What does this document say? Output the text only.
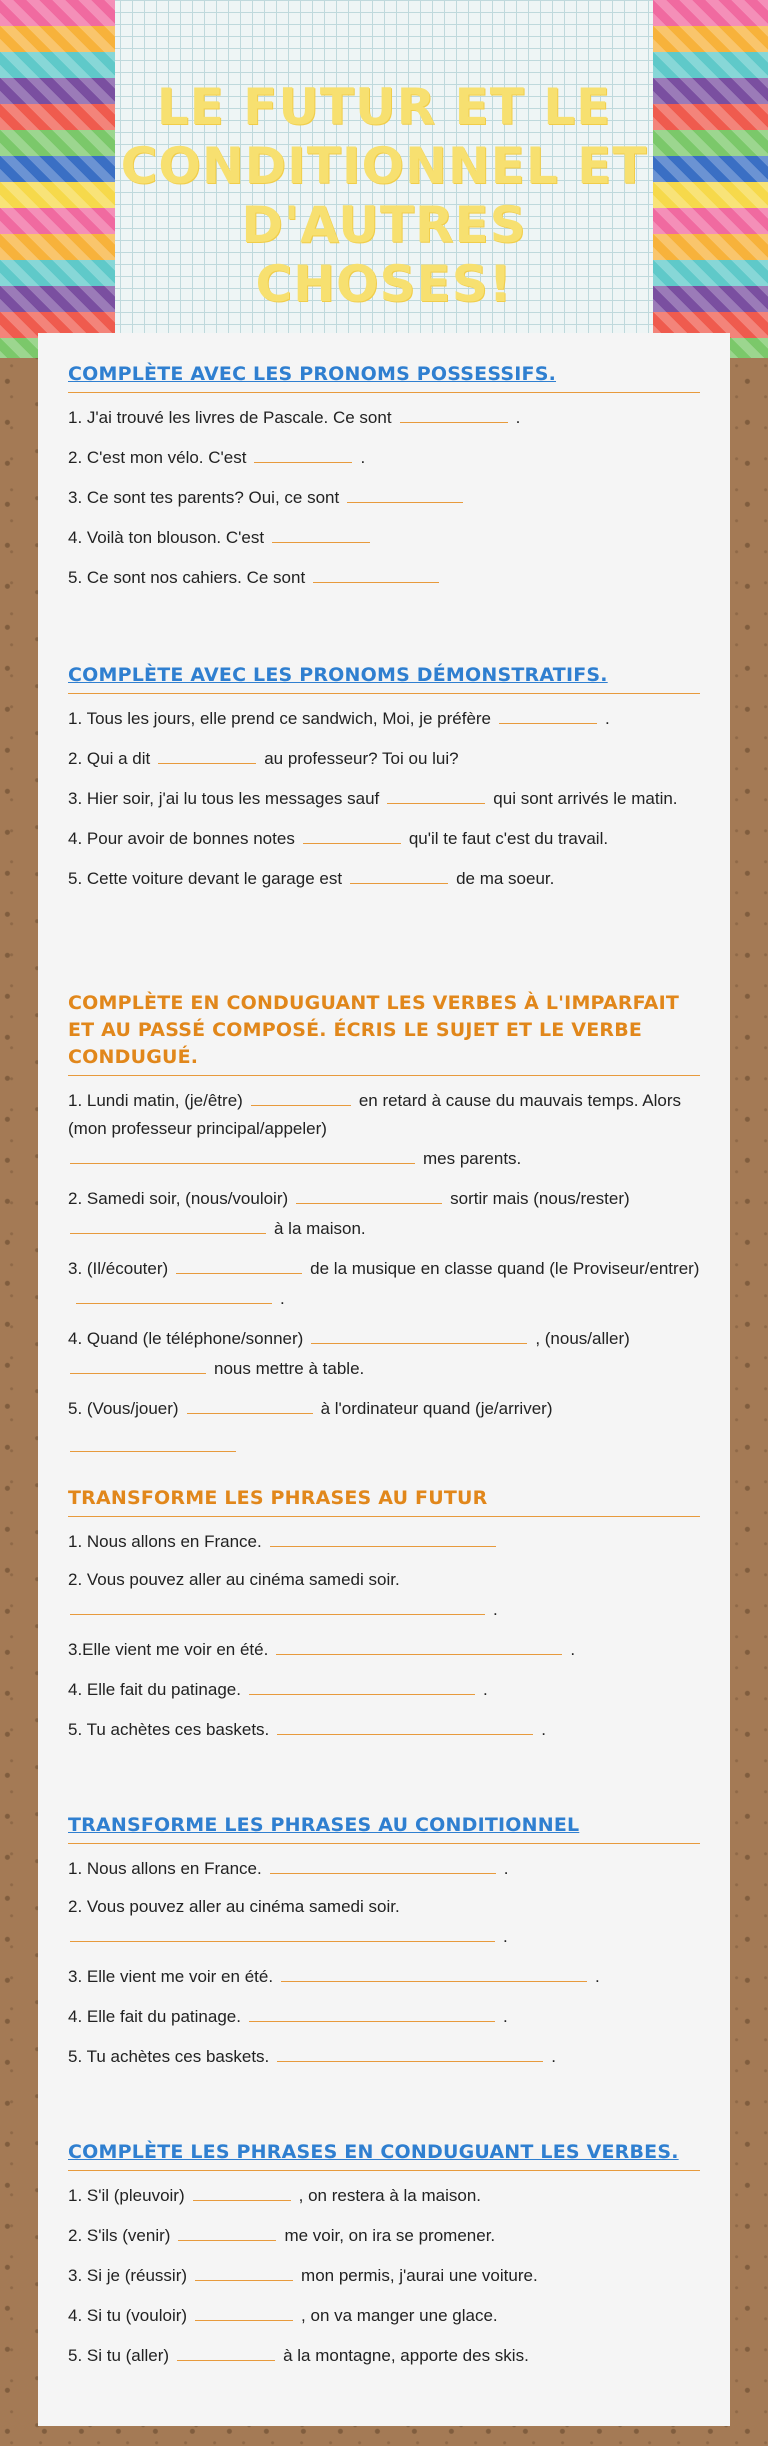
LE FUTUR ET LE
CONDITIONNEL ET
D'AUTRES CHOSES!
COMPLÈTE AVEC LES PRONOMS POSSESSIFS.
1. J'ai trouvé les livres de Pascale. Ce sont	.
2. C'est mon vélo. C'est	.
3. Ce sont tes parents? Oui, ce sont
4. Voilà ton blouson. C'est
5. Ce sont nos cahiers. Ce sont
COMPLÈTE AVEC LES PRONOMS DÉMONSTRATIFS.
1. Tous les jours, elle prend ce sandwich, Moi, je préfère	.
2. Qui a dit	au professeur? Toi ou lui?
3. Hier soir, j'ai lu tous les messages sauf	qui sont arrivés le matin.
4. Pour avoir de bonnes notes	qu'il te faut c'est du travail.
5. Cette voiture devant le garage est	de ma soeur.
COMPLÈTE EN CONDUGUANT LES VERBES À L'IMPARFAIT ET AU PASSÉ COMPOSÉ. ÉCRIS LE SUJET ET LE VERBE CONDUGUÉ.
1. Lundi matin, (je/être)	en retard à cause du mauvais temps. Alors (mon professeur principal/appeler)
mes parents.
2. Samedi soir, (nous/vouloir)	sortir mais (nous/rester)
à la maison.
3. (Il/écouter)	de la musique en classe quand (le Proviseur/entrer).
4. Quand (le téléphone/sonner)	, (nous/aller)
nous mettre à table.
5. (Vous/jouer)	à l'ordinateur quand (je/arriver)
TRANSFORME LES PHRASES AU FUTUR
1. Nous allons en France.
2. Vous pouvez aller au cinéma samedi soir.
.
3.Elle vient me voir en été.	.
4. Elle fait du patinage.	.
5. Tu achètes ces baskets.	.
TRANSFORME LES PHRASES AU CONDITIONNEL
1. Nous allons en France.	.
2. Vous pouvez aller au cinéma samedi soir.
.
3. Elle vient me voir en été.	.
4. Elle fait du patinage.	.
5. Tu achètes ces baskets.	.
COMPLÈTE LES PHRASES EN CONDUGUANT LES VERBES.
1. S'il (pleuvoir)	, on restera à la maison.
2. S'ils (venir)	me voir, on ira se promener.
3. Si je (réussir)	mon permis, j'aurai une voiture.
4. Si tu (vouloir)	, on va manger une glace.
5. Si tu (aller)	à la montagne, apporte des skis.
